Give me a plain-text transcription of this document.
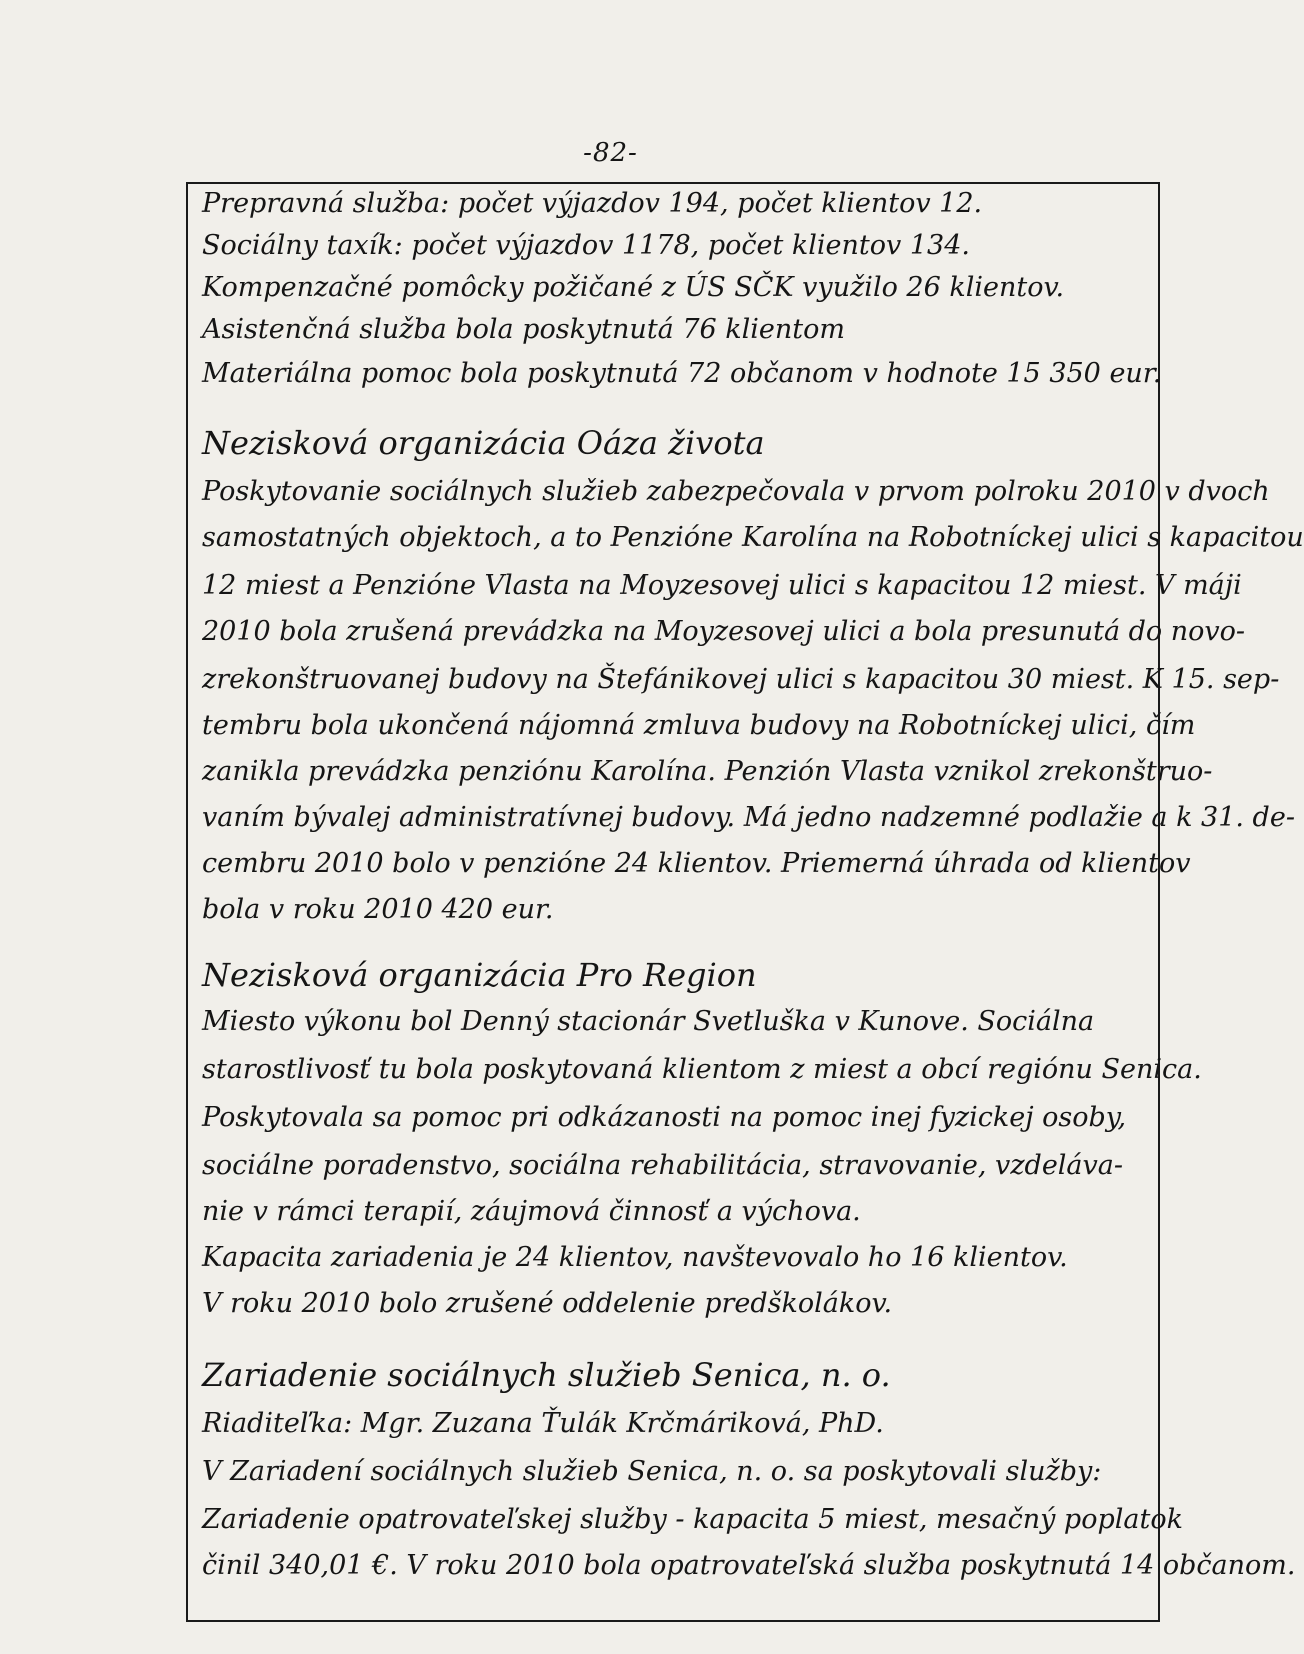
-82-
Prepravná služba: počet výjazdov 194, počet klientov 12.
Sociálny taxík: počet výjazdov 1178, počet klientov 134.
Kompenzačné pomôcky požičané z ÚS SČK využilo 26 klientov.
Asistenčná služba bola poskytnutá 76 klientom
Materiálna pomoc bola poskytnutá 72 občanom v hodnote 15 350 eur.
Nezisková organizácia Oáza života
Poskytovanie sociálnych služieb zabezpečovala v prvom polroku 2010 v dvoch
samostatných objektoch, a to Penzióne Karolína na Robotníckej ulici s kapacitou
12 miest a Penzióne Vlasta na Moyzesovej ulici s kapacitou 12 miest. V máji
2010 bola zrušená prevádzka na Moyzesovej ulici a bola presunutá do novo-
zrekonštruovanej budovy na Štefánikovej ulici s kapacitou 30 miest. K 15. sep-
tembru bola ukončená nájomná zmluva budovy na Robotníckej ulici, čím
zanikla prevádzka penziónu Karolína. Penzión Vlasta vznikol zrekonštruo-
vaním bývalej administratívnej budovy. Má jedno nadzemné podlažie a k 31. de-
cembru 2010 bolo v penzióne 24 klientov. Priemerná úhrada od klientov
bola v roku 2010 420 eur.
Nezisková organizácia Pro Region
Miesto výkonu bol Denný stacionár Svetluška v Kunove. Sociálna
starostlivosť tu bola poskytovaná klientom z miest a obcí regiónu Senica.
Poskytovala sa pomoc pri odkázanosti na pomoc inej fyzickej osoby,
sociálne poradenstvo, sociálna rehabilitácia, stravovanie, vzdeláva-
nie v rámci terapií, záujmová činnosť a výchova.
Kapacita zariadenia je 24 klientov, navštevovalo ho 16 klientov.
V roku 2010 bolo zrušené oddelenie predškolákov.
Zariadenie sociálnych služieb Senica, n. o.
Riaditeľka: Mgr. Zuzana Ťulák Krčmáriková, PhD.
V Zariadení sociálnych služieb Senica, n. o. sa poskytovali služby:
Zariadenie opatrovateľskej služby - kapacita 5 miest, mesačný poplatok
činil 340,01 €. V roku 2010 bola opatrovateľská služba poskytnutá 14 občanom.
